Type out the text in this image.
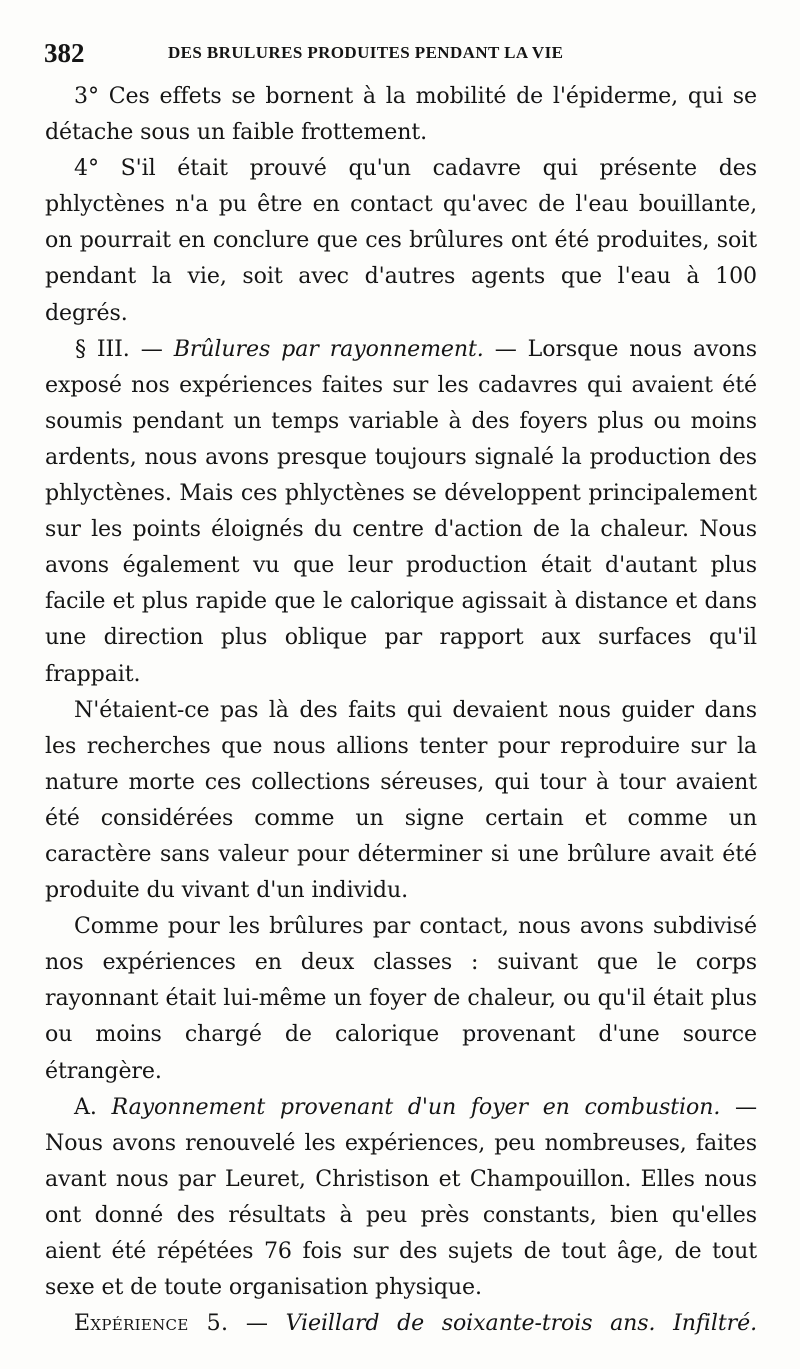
382	DES BRULURES PRODUITES PENDANT LA VIE

3° Ces effets se bornent à la mobilité de l'épiderme, qui se détache sous un faible frottement.

4° S'il était prouvé qu'un cadavre qui présente des phlyctènes n'a pu être en contact qu'avec de l'eau bouillante, on pourrait en conclure que ces brûlures ont été produites, soit pendant la vie, soit avec d'autres agents que l'eau à 100 degrés.

§ III. — Brûlures par rayonnement. — Lorsque nous avons exposé nos expériences faites sur les cadavres qui avaient été soumis pendant un temps variable à des foyers plus ou moins ardents, nous avons presque toujours signalé la production des phlyctènes. Mais ces phlyctènes se développent principalement sur les points éloignés du centre d'action de la chaleur. Nous avons également vu que leur production était d'autant plus facile et plus rapide que le calorique agissait à distance et dans une direction plus oblique par rapport aux surfaces qu'il frappait.

N'étaient-ce pas là des faits qui devaient nous guider dans les recherches que nous allions tenter pour reproduire sur la nature morte ces collections séreuses, qui tour à tour avaient été considérées comme un signe certain et comme un caractère sans valeur pour déterminer si une brûlure avait été produite du vivant d'un individu.

Comme pour les brûlures par contact, nous avons subdivisé nos expériences en deux classes : suivant que le corps rayonnant était lui-même un foyer de chaleur, ou qu'il était plus ou moins chargé de calorique provenant d'une source étrangère.

A. Rayonnement provenant d'un foyer en combustion. — Nous avons renouvelé les expériences, peu nombreuses, faites avant nous par Leuret, Christison et Champouillon. Elles nous ont donné des résultats à peu près constants, bien qu'elles aient été répétées 76 fois sur des sujets de tout âge, de tout sexe et de toute organisation physique.

Expérience 5. — Vieillard de soixante-trois ans. Infiltré.
